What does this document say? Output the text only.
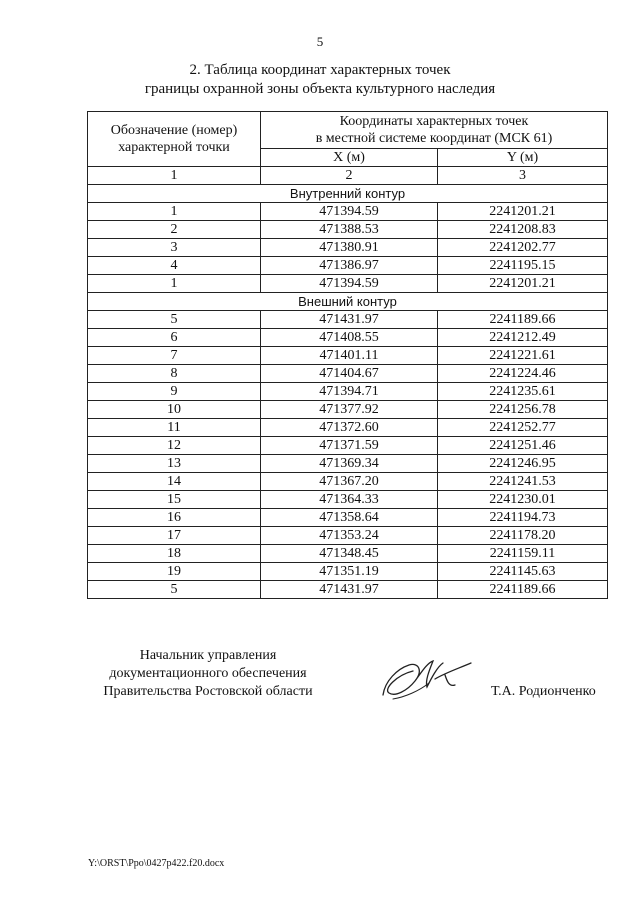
5
2. Таблица координат характерных точек
границы охранной зоны объекта культурного наследия
Обозначение (номер) характерной точки	Координаты характерных точек
в местной системе координат (МСК 61)	

	X (м)	Y (м)
1	2	3
Внутренний контур		
1	471394.59	2241201.21
2	471388.53	2241208.83
3	471380.91	2241202.77
4	471386.97	2241195.15
1	471394.59	2241201.21
Внешний контур		
5	471431.97	2241189.66
6	471408.55	2241212.49
7	471401.11	2241221.61
8	471404.67	2241224.46
9	471394.71	2241235.61
10	471377.92	2241256.78
11	471372.60	2241252.77
12	471371.59	2241251.46
13	471369.34	2241246.95
14	471367.20	2241241.53
15	471364.33	2241230.01
16	471358.64	2241194.73
17	471353.24	2241178.20
18	471348.45	2241159.11
19	471351.19	2241145.63
5	471431.97	2241189.66
Начальник управления
документационного обеспечения
Правительства Ростовской области	Т.А. Родионченко
Y:\ORST\Ppo\0427p422.f20.docx
